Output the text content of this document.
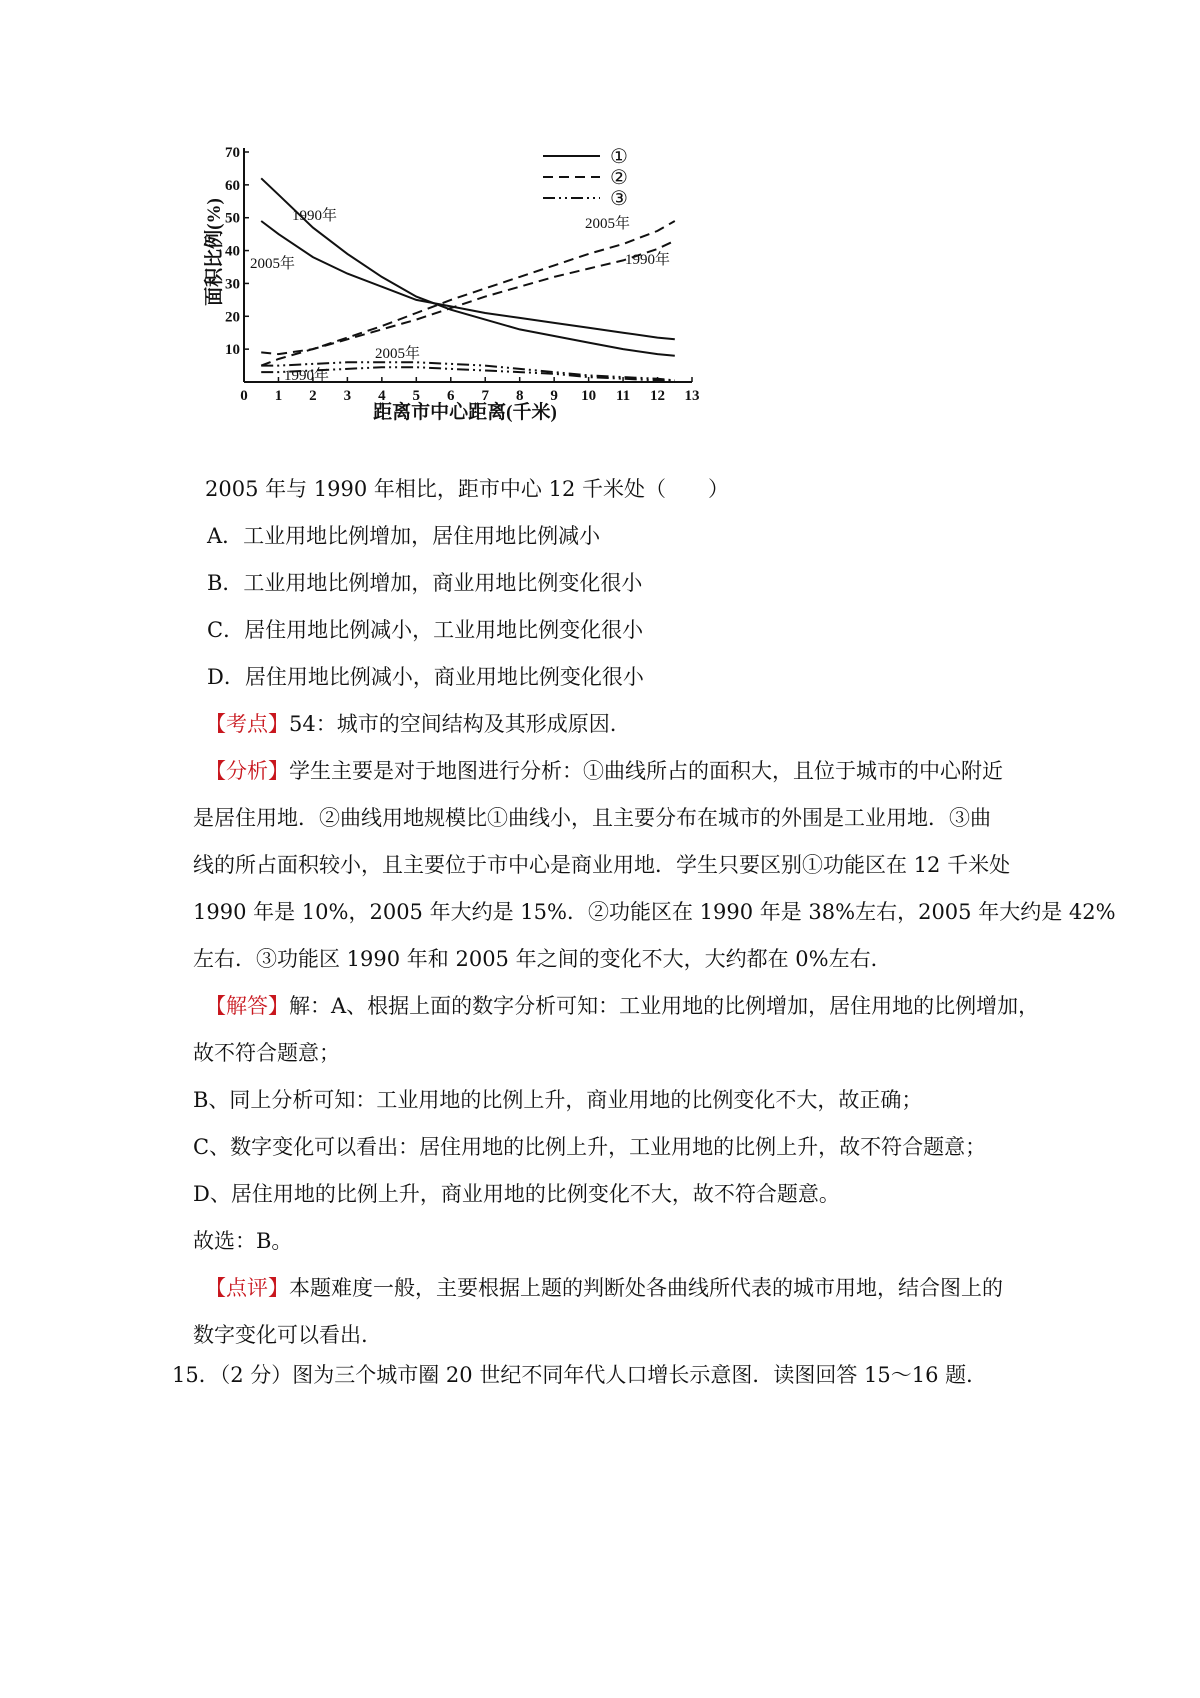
0 1 2 3 4 5 6 7 8 9 10 11 12 13
10
20
30
40
50
60
70	①
②
③
1990年
2005年
2005年
1990年
2005年
1990年
面积比例(%)
距离市中心距离(千米)
2005 年与 1990 年相比，距市中心 12 千米处（　　）
A．工业用地比例增加，居住用地比例减小
B．工业用地比例增加，商业用地比例变化很小
C．居住用地比例减小，工业用地比例变化很小
D．居住用地比例减小，商业用地比例变化很小
【考点】54：城市的空间结构及其形成原因.
【分析】学生主要是对于地图进行分析：①曲线所占的面积大，且位于城市的中心附近
是居住用地．②曲线用地规模比①曲线小，且主要分布在城市的外围是工业用地．③曲
线的所占面积较小，且主要位于市中心是商业用地．学生只要区别①功能区在 12 千米处
1990 年是 10%，2005 年大约是 15%．②功能区在 1990 年是 38%左右，2005 年大约是 42%
左右．③功能区 1990 年和 2005 年之间的变化不大，大约都在 0%左右．
【解答】解：A、根据上面的数字分析可知：工业用地的比例增加，居住用地的比例增加，
故不符合题意；
B、同上分析可知：工业用地的比例上升，商业用地的比例变化不大，故正确；
C、数字变化可以看出：居住用地的比例上升，工业用地的比例上升，故不符合题意；
D、居住用地的比例上升，商业用地的比例变化不大，故不符合题意。
故选：B。
【点评】本题难度一般，主要根据上题的判断处各曲线所代表的城市用地，结合图上的
数字变化可以看出.
15．（2 分）图为三个城市圈 20 世纪不同年代人口增长示意图．读图回答 15～16 题．
